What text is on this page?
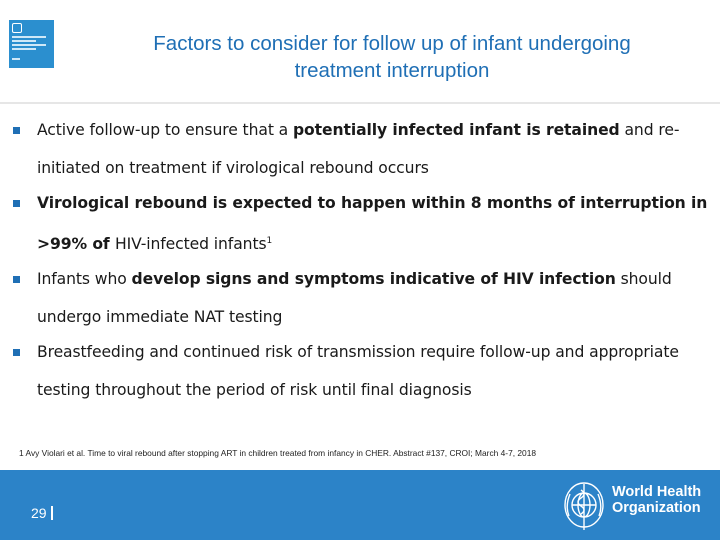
Factors to consider for follow up of infant undergoing
treatment interruption
Active follow-up to ensure that a potentially infected infant is retained and re-initiated on treatment if virological rebound occurs
Virological rebound is expected to happen within 8 months of interruption in >99% of HIV-infected infants$^1$
Infants who develop signs and symptoms indicative of HIV infection should undergo immediate NAT testing
Breastfeeding and continued risk of transmission require follow-up and appropriate testing throughout the period of risk until final diagnosis
1 Avy Violari et al. Time to viral rebound after stopping ART in children treated from infancy in CHER. Abstract #137, CROI; March 4-7, 2018
29
World Health
Organization
